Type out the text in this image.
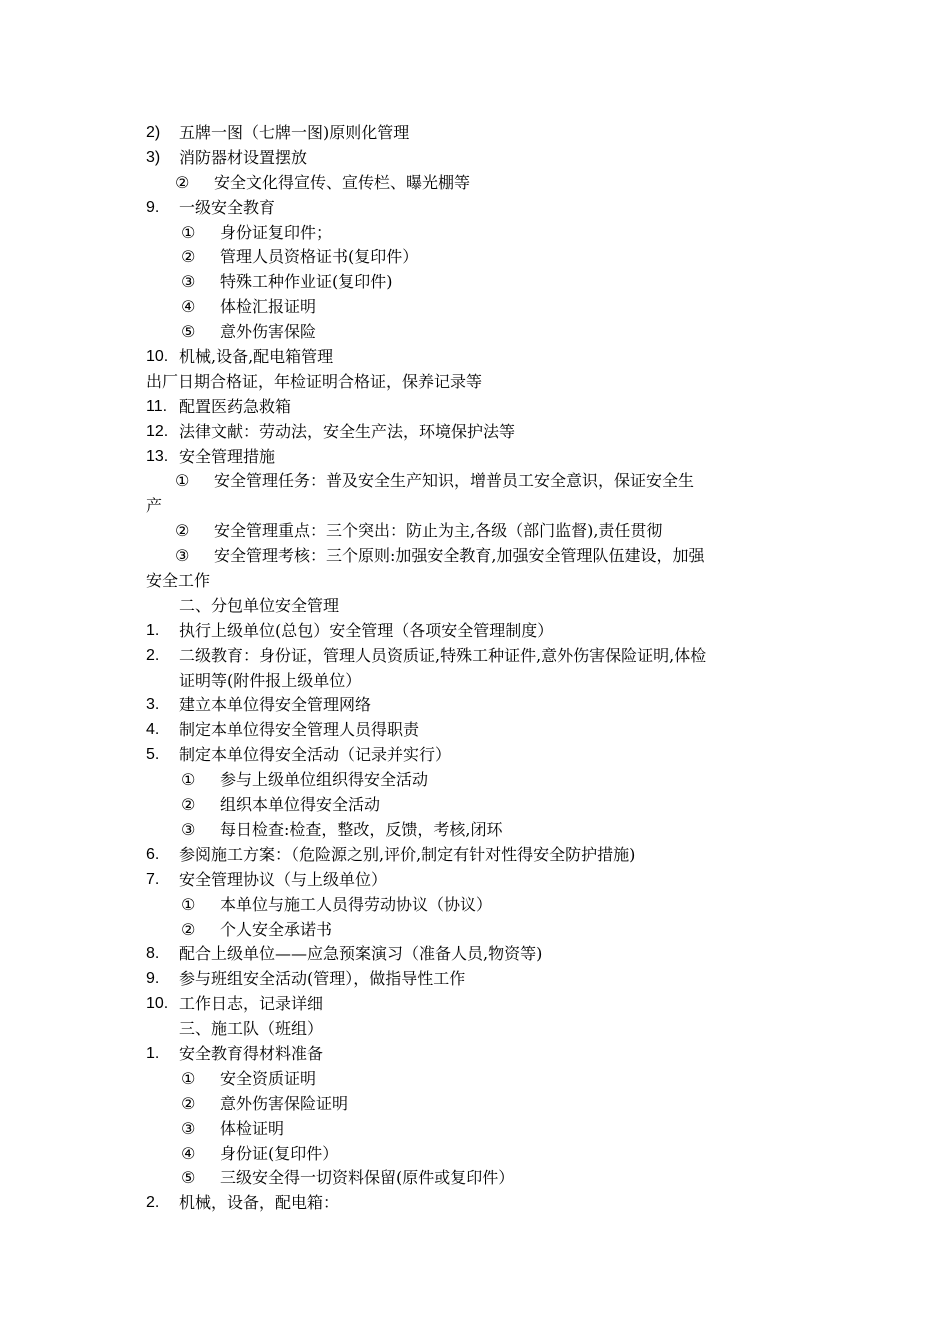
2) 五牌一图（七牌一图)原则化管理
3) 消防器材设置摆放
② 安全文化得宣传、宣传栏、曝光棚等
9. 一级安全教育
① 身份证复印件；
② 管理人员资格证书(复印件）
③ 特殊工种作业证(复印件)
④ 体检汇报证明
⑤ 意外伤害保险
10. 机械,设备,配电箱管理
出厂日期合格证，年检证明合格证，保养记录等
11. 配置医药急救箱
12. 法律文献：劳动法，安全生产法，环境保护法等
13. 安全管理措施
① 安全管理任务：普及安全生产知识，增普员工安全意识，保证安全生
产
② 安全管理重点：三个突出：防止为主,各级（部门监督),责任贯彻
③ 安全管理考核：三个原则:加强安全教育,加强安全管理队伍建设，加强
安全工作
二、分包单位安全管理
1. 执行上级单位(总包）安全管理（各项安全管理制度）
2. 二级教育：身份证，管理人员资质证,特殊工种证件,意外伤害保险证明,体检
证明等(附件报上级单位）
3. 建立本单位得安全管理网络
4. 制定本单位得安全管理人员得职责
5. 制定本单位得安全活动（记录并实行）
① 参与上级单位组织得安全活动
② 组织本单位得安全活动
③ 每日检查:检查，整改，反馈，考核,闭环
6. 参阅施工方案：（危险源之别,评价,制定有针对性得安全防护措施)
7. 安全管理协议（与上级单位）
① 本单位与施工人员得劳动协议（协议）
② 个人安全承诺书
8. 配合上级单位——应急预案演习（准备人员,物资等)
9. 参与班组安全活动(管理），做指导性工作
10. 工作日志，记录详细
三、施工队（班组）
1. 安全教育得材料准备
① 安全资质证明
② 意外伤害保险证明
③ 体检证明
④ 身份证(复印件）
⑤ 三级安全得一切资料保留(原件或复印件）
2. 机械，设备，配电箱：
